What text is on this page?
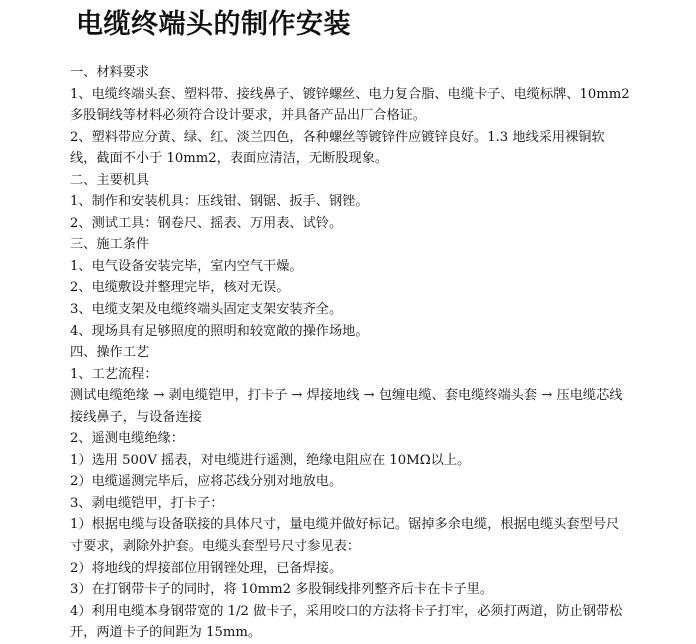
电缆终端头的制作安装

一、材料要求

1、电缆终端头套、塑料带、接线鼻子、镀锌螺丝、电力复合脂、电缆卡子、电缆标牌、10mm2 多股铜线等材料必须符合设计要求，并具备产品出厂合格证。

2、塑料带应分黄、绿、红、淡兰四色，各种螺丝等镀锌件应镀锌良好。1.3 地线采用裸铜软线，截面不小于 10mm2，表面应清洁，无断股现象。

二、主要机具

1、制作和安装机具：压线钳、钢锯、扳手、钢锉。

2、测试工具：钢卷尺、摇表、万用表、试铃。

三、施工条件

1、电气设备安装完毕，室内空气干燥。

2、电缆敷设并整理完毕，核对无误。

3、电缆支架及电缆终端头固定支架安装齐全。

4、现场具有足够照度的照明和较宽敞的操作场地。

四、操作工艺

1、工艺流程：

测试电缆绝缘 → 剥电缆铠甲，打卡子 → 焊接地线 → 包缠电缆、套电缆终端头套 → 压电缆芯线接线鼻子，与设备连接

2、遥测电缆绝缘：

1）选用 500V 摇表，对电缆进行遥测，绝缘电阻应在 10MΩ以上。

2）电缆遥测完毕后，应将芯线分别对地放电。

3、剥电缆铠甲，打卡子：

1）根据电缆与设备联接的具体尺寸，量电缆并做好标记。锯掉多余电缆，根据电缆头套型号尺寸要求，剥除外护套。电缆头套型号尺寸参见表：

2）将地线的焊接部位用钢锉处理，已备焊接。

3）在打钢带卡子的同时，将 10mm2 多股铜线排列整齐后卡在卡子里。

4）利用电缆本身钢带宽的 1/2 做卡子，采用咬口的方法将卡子打牢，必须打两道，防止钢带松开，两道卡子的间距为 15mm。
